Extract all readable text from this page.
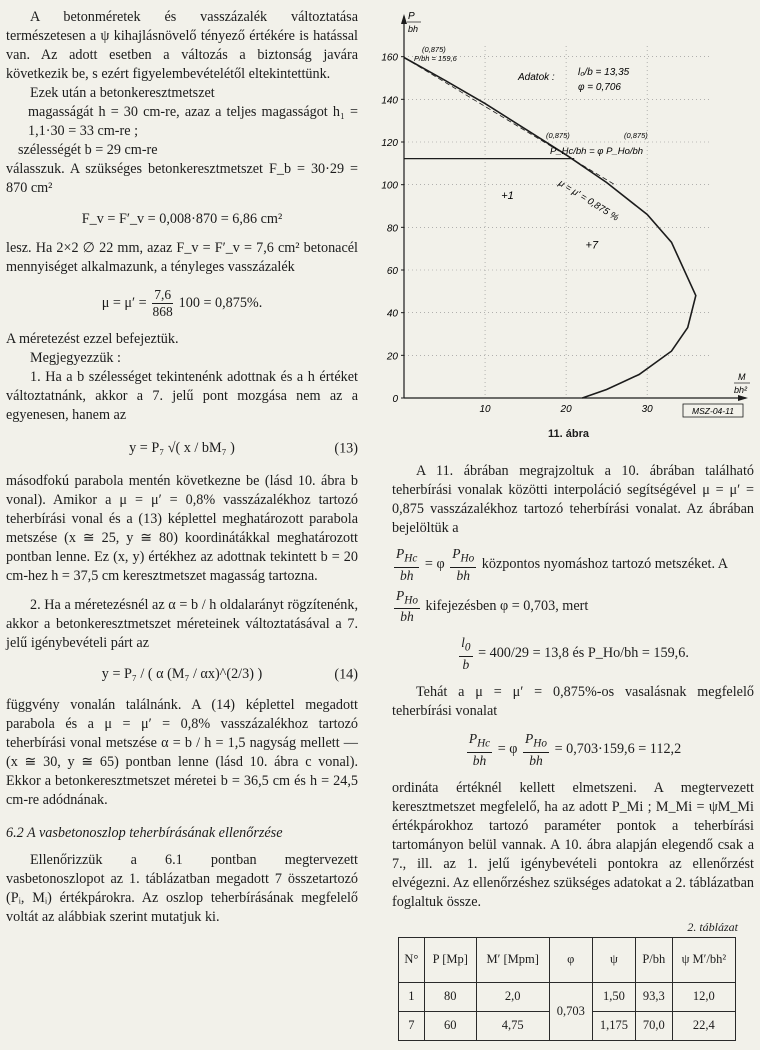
A betonméretek és vasszázalék változtatása természetesen a ψ kihajlásnövelő tényező értékére is hatással van. Az adott esetben a változás a biztonság javára következik be, s ezért figyelembevételétől eltekintettünk.

Ezek után a betonkeresztmetszet

magasságát h = 30 cm-re, azaz a teljes magasságot h₁ = 1,1·30 = 33 cm-re ;

szélességét b = 29 cm-re

válasszuk. A szükséges betonkeresztmetszet F_b = 30·29 = 870 cm²

F_v = F′_v = 0,008·870 = 6,86 cm²

lesz. Ha 2×2 ∅ 22 mm, azaz F_v = F′_v = 7,6 cm² betonacél mennyiséget alkalmazunk, a tényleges vasszázalék

$\mu = \mu' = \frac{7,6}{868} 100 = 0,875\%$.

A méretezést ezzel befejeztük.

Megjegyezzük :

1. Ha a b szélességet tekintenénk adottnak és a h értéket változtatnánk, akkor a 7. jelű pont mozgása nem az a egyenesen, hanem az

y = P₇ √( x / bM₇ )	(13)

másodfokú parabola mentén következne be (lásd 10. ábra b vonal). Amikor a μ = μ′ = 0,8% vasszázalékhoz tartozó teherbírási vonal és a (13) képlettel meghatározott parabola metszése (x ≅ 25, y ≅ 80) koordinátákkal meghatározott pontban lenne. Ez (x, y) értékhez az adottnak tekintett b = 20 cm-hez h = 37,5 cm keresztmetszet magasság tartozna.

2. Ha a méretezésnél az α = b / h oldalarányt rögzítenénk, akkor a betonkeresztmetszet méreteinek változtatásával a 7. jelű igénybevételi párt az

y = P₇ / ( α (M₇ / αx)^(2/3) )	(14)

függvény vonalán találnánk. A (14) képlettel megadott parabola és a μ = μ′ = 0,8% vasszázalékhoz tartozó teherbírási vonal metszése α = b / h = 1,5 nagyság mellett — (x ≅ 30, y ≅ 65) pontban lenne (lásd 10. ábra c vonal). Ekkor a betonkeresztmetszet méretei b = 36,5 cm és h = 24,5 cm-re adódnának.

6.2 A vasbetonoszlop teherbírásának ellenőrzése

Ellenőrizzük a 6.1 pontban megtervezett vasbetonoszlopot az 1. táblázatban megadott 7 összetartozó (Pᵢ, Mᵢ) értékpárokra. Az oszlop teherbírásának megfelelő voltát az alábbiak szerint mutatjuk ki.

0
20
40
60
80
100
120
140
160
10	20	30
P
bh
M
bh²
+1
+7
(0,875)
P/bh = 159,6
Adatok : l₀/b = 13,35
φ = 0,706
(0,875)	(0,875)
P_Hc/bh = φ P_Ho/bh
μ = μ′ = 0,875 %
MSZ-04-11
11. ábra

A 11. ábrában megrajzoltuk a 10. ábrában található teherbírási vonalak közötti interpoláció segítségével μ = μ′ = 0,875 vasszázalékhoz tartozó teherbírási vonalat. Az ábrában bejelöltük a

$\frac{P_{Hc}}{bh} = \varphi \frac{P_{Ho}}{bh}$ központos nyomáshoz tartozó metszéket. A

$\frac{P_{Ho}}{bh}$ kifejezésben φ = 0,703, mert

$\frac{l_0}{b} = 400/29 = 13,8$ és P_Ho/bh = 159,6.

Tehát a μ = μ′ = 0,875%-os vasalásnak megfelelő teherbírási vonalat

$\frac{P_{Hc}}{bh} = \varphi \frac{P_{Ho}}{bh} = 0,703\cdot 159,6 = 112,2$

ordináta értéknél kellett elmetszeni. A megtervezett keresztmetszet megfelelő, ha az adott P_Mi ; M_Mi = ψM_Mi értékpárokhoz tartozó paraméter pontok a teherbírási tartományon belül vannak. A 10. ábra alapján elegendő csak a 7., ill. az 1. jelű igénybevételi pontokra az ellenőrzést elvégezni. Az ellenőrzéshez szükséges adatokat a 2. táblázatban foglaltuk össze.

2. táblázat
N°	P [Mp]	M′ [Mpm]	φ	ψ	P/bh	ψ M′/bh²
1	80	2,0	0,703	1,50	93,3	12,0
7	60	4,75		1,175	70,0	22,4
